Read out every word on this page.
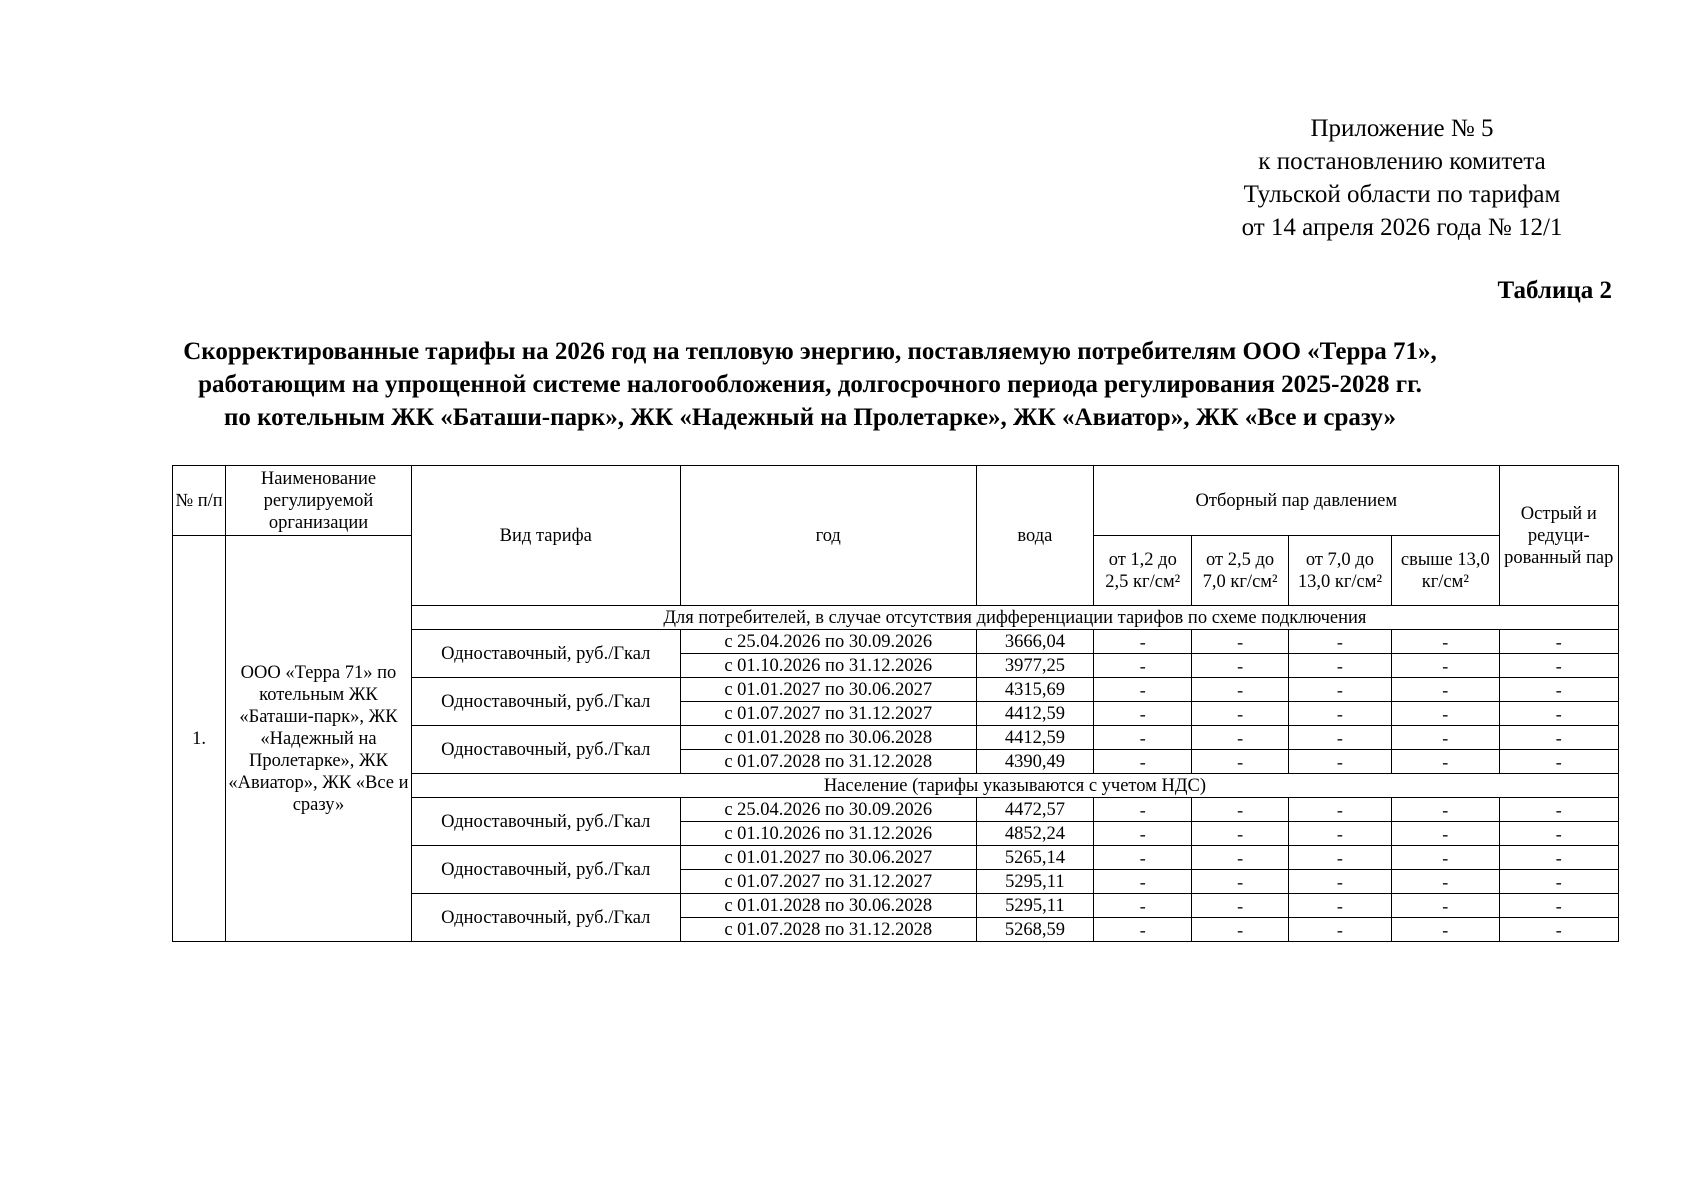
Приложение № 5
к постановлению комитета
Тульской области по тарифам
от 14 апреля 2026 года № 12/1
Таблица 2
Скорректированные тарифы на 2026 год на тепловую энергию, поставляемую потребителям ООО «Терра 71»,
работающим на упрощенной системе налогообложения, долгосрочного периода регулирования 2025-2028 гг.
по котельным ЖК «Баташи-парк», ЖК «Надежный на Пролетарке», ЖК «Авиатор», ЖК «Все и сразу»
№ п/п	Наименование регулируемой организации	Вид тарифа	год	вода	Отборный пар давлением				Острый и редуци-рованный пар
1.	ООО «Терра 71» по котельным ЖК «Баташи-парк», ЖК «Надежный на Пролетарке», ЖК «Авиатор», ЖК «Все и сразу»				от 1,2 до 2,5 кг/см²	от 2,5 до 7,0 кг/см²	от 7,0 до 13,0 кг/см²	свыше 13,0 кг/см²	
		Для потребителей, в случае отсутствия дифференциации тарифов по схеме подключения							
		Одноставочный, руб./Гкал	с 25.04.2026 по 30.09.2026	3666,04	-	-	-	-	-
			с 01.10.2026 по 31.12.2026	3977,25	-	-	-	-	-
		Одноставочный, руб./Гкал	с 01.01.2027 по 30.06.2027	4315,69	-	-	-	-	-
			с 01.07.2027 по 31.12.2027	4412,59	-	-	-	-	-
		Одноставочный, руб./Гкал	с 01.01.2028 по 30.06.2028	4412,59	-	-	-	-	-
			с 01.07.2028 по 31.12.2028	4390,49	-	-	-	-	-
		Население (тарифы указываются с учетом НДС)							
		Одноставочный, руб./Гкал	с 25.04.2026 по 30.09.2026	4472,57	-	-	-	-	-
			с 01.10.2026 по 31.12.2026	4852,24	-	-	-	-	-
		Одноставочный, руб./Гкал	с 01.01.2027 по 30.06.2027	5265,14	-	-	-	-	-
			с 01.07.2027 по 31.12.2027	5295,11	-	-	-	-	-
		Одноставочный, руб./Гкал	с 01.01.2028 по 30.06.2028	5295,11	-	-	-	-	-
			с 01.07.2028 по 31.12.2028	5268,59	-	-	-	-	-
